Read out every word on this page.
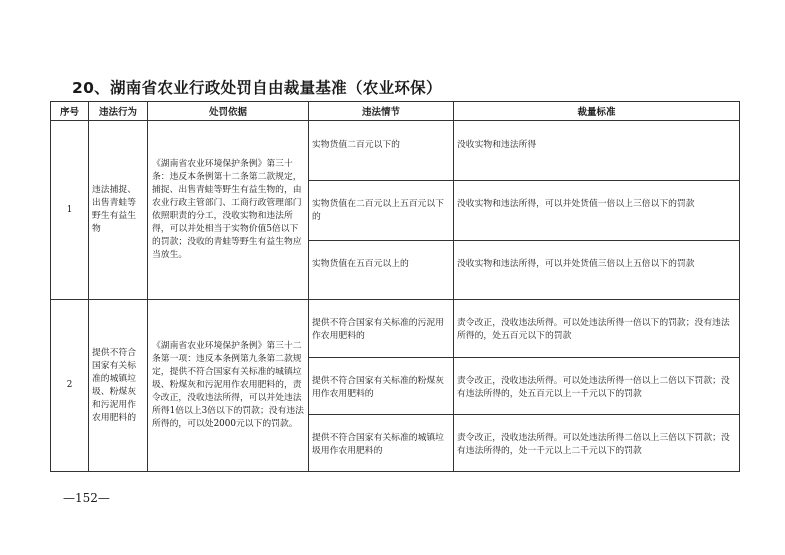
20、湖南省农业行政处罚自由裁量基准（农业环保）
序号	违法行为	处罚依据	违法情节	裁量标准
1	违法捕捉、出售青蛙等野生有益生物	《湖南省农业环境保护条例》第三十条：违反本条例第十二条第二款规定，捕捉、出售青蛙等野生有益生物的，由农业行政主管部门、工商行政管理部门依照职责的分工，没收实物和违法所得，可以并处相当于实物价值5倍以下的罚款；没收的青蛙等野生有益生物应当放生。	实物货值二百元以下的	没收实物和违法所得
			实物货值在二百元以上五百元以下的	没收实物和违法所得，可以并处货值一倍以上三倍以下的罚款
			实物货值在五百元以上的	没收实物和违法所得，可以并处货值三倍以上五倍以下的罚款
2	提供不符合国家有关标准的城镇垃圾、粉煤灰和污泥用作农用肥料的	《湖南省农业环境保护条例》第三十二条第一项：违反本条例第九条第二款规定，提供不符合国家有关标准的城镇垃圾、粉煤灰和污泥用作农用肥料的，责令改正，没收违法所得，可以并处违法所得1倍以上3倍以下的罚款；没有违法所得的，可以处2000元以下的罚款。	提供不符合国家有关标准的污泥用作农用肥料的	责令改正，没收违法所得。可以处违法所得一倍以下的罚款；没有违法所得的，处五百元以下的罚款
			提供不符合国家有关标准的粉煤灰用作农用肥料的	责令改正，没收违法所得。可以处违法所得一倍以上二倍以下罚款；没有违法所得的，处五百元以上一千元以下的罚款
			提供不符合国家有关标准的城镇垃圾用作农用肥料的	责令改正，没收违法所得。可以处违法所得二倍以上三倍以下罚款；没有违法所得的，处一千元以上二千元以下的罚款
—152—
